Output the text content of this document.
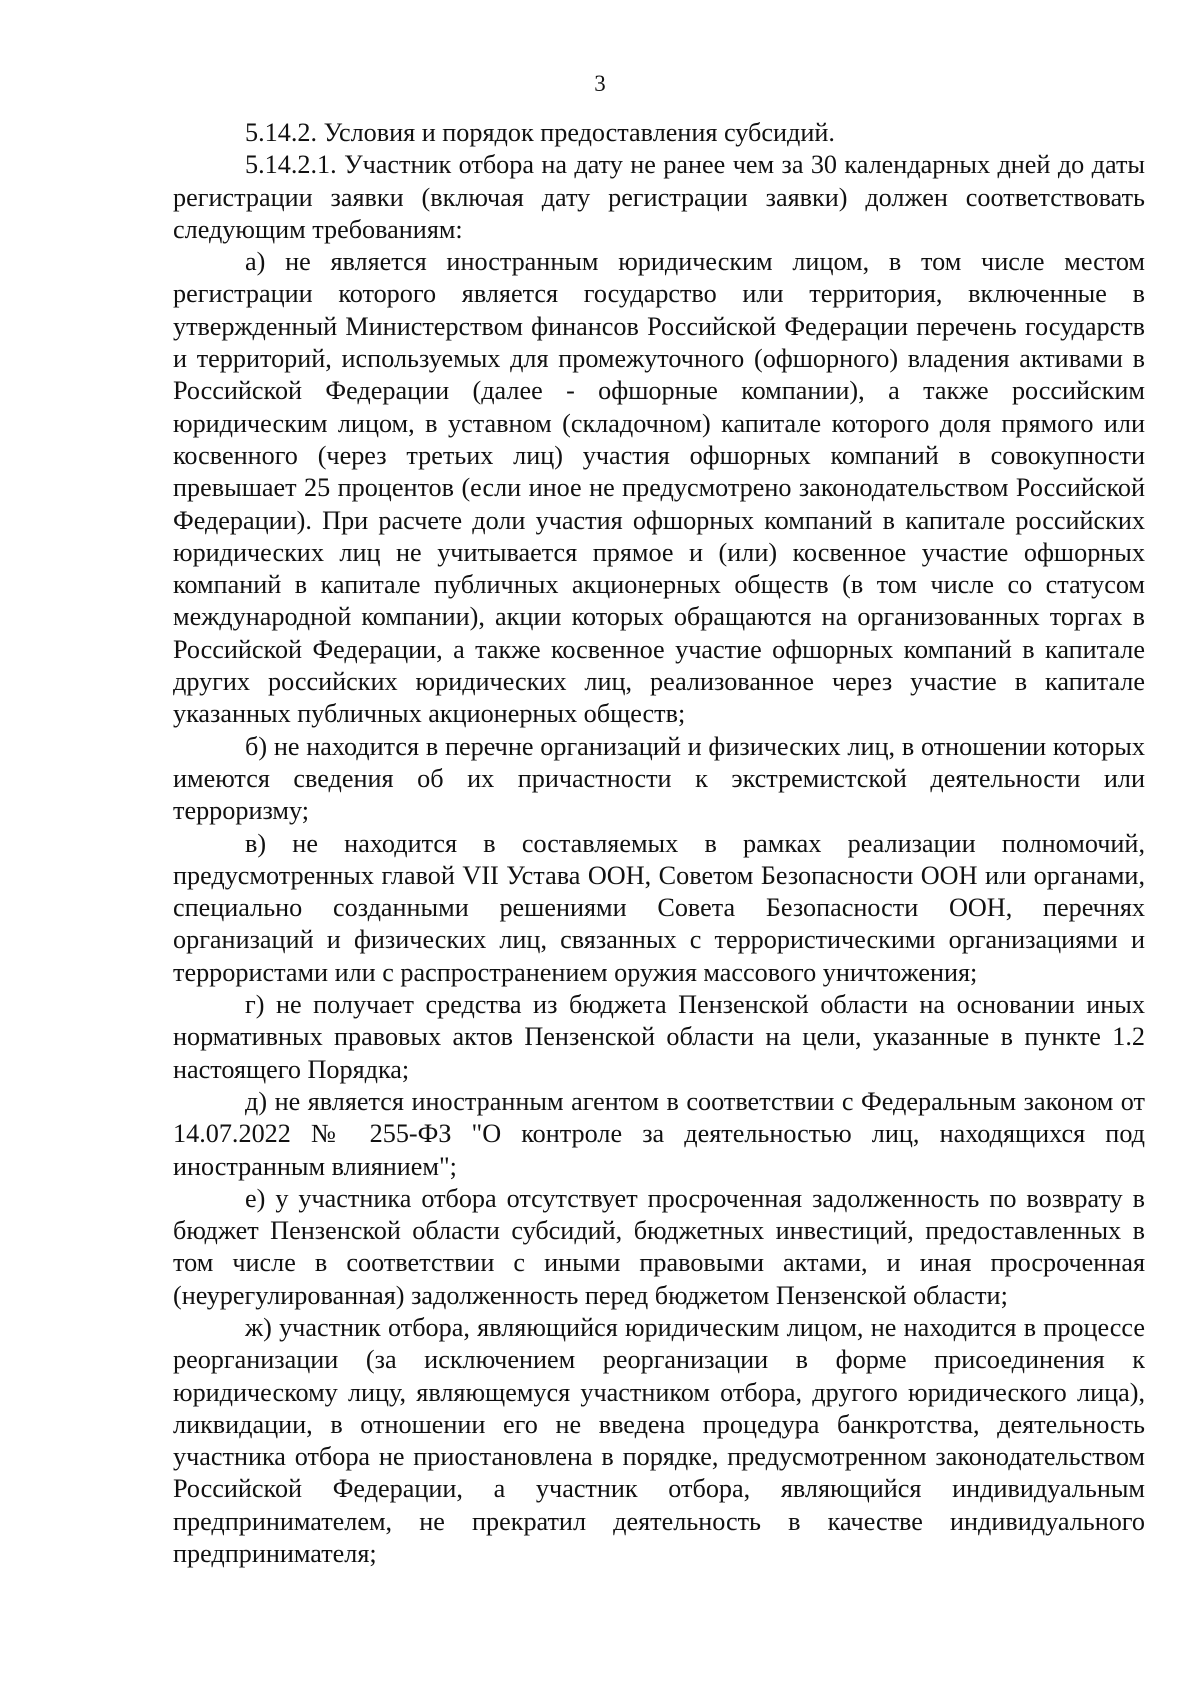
3

5.14.2. Условия и порядок предоставления субсидий.

5.14.2.1. Участник отбора на дату не ранее чем за 30 календарных дней до даты регистрации заявки (включая дату регистрации заявки) должен соответствовать следующим требованиям:

а) не является иностранным юридическим лицом, в том числе местом регистрации которого является государство или территория, включенные в утвержденный Министерством финансов Российской Федерации перечень государств и территорий, используемых для промежуточного (офшорного) владения активами в Российской Федерации (далее - офшорные компании), а также российским юридическим лицом, в уставном (складочном) капитале которого доля прямого или косвенного (через третьих лиц) участия офшорных компаний в совокупности превышает 25 процентов (если иное не предусмотрено законодательством Российской Федерации). При расчете доли участия офшорных компаний в капитале российских юридических лиц не учитывается прямое и (или) косвенное участие офшорных компаний в капитале публичных акционерных обществ (в том числе со статусом международной компании), акции которых обращаются на организованных торгах в Российской Федерации, а также косвенное участие офшорных компаний в капитале других российских юридических лиц, реализованное через участие в капитале указанных публичных акционерных обществ;

б) не находится в перечне организаций и физических лиц, в отношении которых имеются сведения об их причастности к экстремистской деятельности или терроризму;

в) не находится в составляемых в рамках реализации полномочий, предусмотренных главой VII Устава ООН, Советом Безопасности ООН или органами, специально созданными решениями Совета Безопасности ООН, перечнях организаций и физических лиц, связанных с террористическими организациями и террористами или с распространением оружия массового уничтожения;

г) не получает средства из бюджета Пензенской области на основании иных нормативных правовых актов Пензенской области на цели, указанные в пункте 1.2 настоящего Порядка;

д) не является иностранным агентом в соответствии с Федеральным законом от 14.07.2022 № 255-ФЗ "О контроле за деятельностью лиц, находящихся под иностранным влиянием";

е) у участника отбора отсутствует просроченная задолженность по возврату в бюджет Пензенской области субсидий, бюджетных инвестиций, предоставленных в том числе в соответствии с иными правовыми актами, и иная просроченная (неурегулированная) задолженность перед бюджетом Пензенской области;

ж) участник отбора, являющийся юридическим лицом, не находится в процессе реорганизации (за исключением реорганизации в форме присоединения к юридическому лицу, являющемуся участником отбора, другого юридического лица), ликвидации, в отношении его не введена процедура банкротства, деятельность участника отбора не приостановлена в порядке, предусмотренном законодательством Российской Федерации, а участник отбора, являющийся индивидуальным предпринимателем, не прекратил деятельность в качестве индивидуального предпринимателя;
